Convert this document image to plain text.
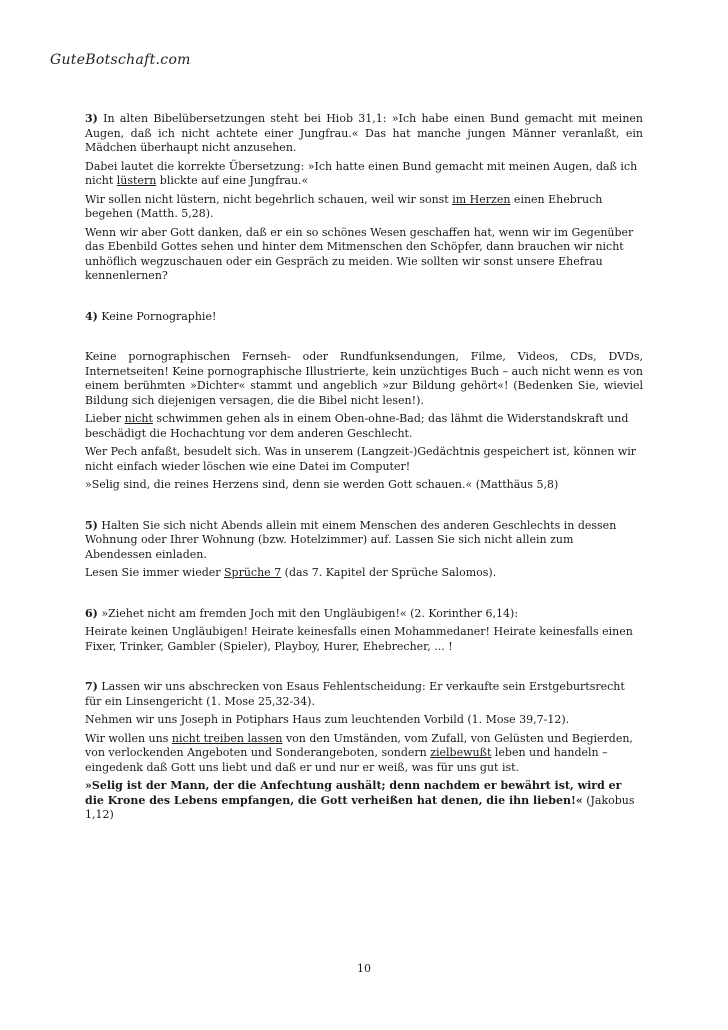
GuteBotschaft.com

3) In alten Bibelübersetzungen steht bei Hiob 31,1: »Ich habe einen Bund gemacht mit meinen Augen, daß ich nicht achtete einer Jungfrau.« Das hat manche jungen Männer veranlaßt, ein Mädchen überhaupt nicht anzusehen.

Dabei lautet die korrekte Übersetzung: »Ich hatte einen Bund gemacht mit meinen Augen, daß ich nicht lüstern blickte auf eine Jungfrau.«

Wir sollen nicht lüstern, nicht begehrlich schauen, weil wir sonst im Herzen einen Ehebruch begehen (Matth. 5,28).

Wenn wir aber Gott danken, daß er ein so schönes Wesen geschaffen hat, wenn wir im Gegenüber das Ebenbild Gottes sehen und hinter dem Mitmenschen den Schöpfer, dann brauchen wir nicht unhöflich wegzuschauen oder ein Gespräch zu meiden. Wie sollten wir sonst unsere Ehefrau kennenlernen?

4) Keine Pornographie!

Keine pornographischen Fernseh- oder Rundfunksendungen, Filme, Videos, CDs, DVDs, Internetseiten! Keine pornographische Illustrierte, kein unzüchtiges Buch – auch nicht wenn es von einem berühmten »Dichter« stammt und angeblich »zur Bildung gehört«! (Bedenken Sie, wieviel Bildung sich diejenigen versagen, die die Bibel nicht lesen!).

Lieber nicht schwimmen gehen als in einem Oben-ohne-Bad; das lähmt die Widerstandskraft und beschädigt die Hochachtung vor dem anderen Geschlecht.

Wer Pech anfaßt, besudelt sich. Was in unserem (Langzeit-)Gedächtnis gespeichert ist, können wir nicht einfach wieder löschen wie eine Datei im Computer!

»Selig sind, die reines Herzens sind, denn sie werden Gott schauen.« (Matthäus 5,8)

5) Halten Sie sich nicht Abends allein mit einem Menschen des anderen Geschlechts in dessen Wohnung oder Ihrer Wohnung (bzw. Hotelzimmer) auf. Lassen Sie sich nicht allein zum Abendessen einladen.

Lesen Sie immer wieder Sprüche 7 (das 7. Kapitel der Sprüche Salomos).

6) »Ziehet nicht am fremden Joch mit den Ungläubigen!« (2. Korinther 6,14):

Heirate keinen Ungläubigen! Heirate keinesfalls einen Mohammedaner! Heirate keinesfalls einen Fixer, Trinker, Gambler (Spieler), Playboy, Hurer, Ehebrecher, ... !

7) Lassen wir uns abschrecken von Esaus Fehlentscheidung: Er verkaufte sein Erstgeburtsrecht für ein Linsengericht (1. Mose 25,32-34).

Nehmen wir uns Joseph in Potiphars Haus zum leuchtenden Vorbild (1. Mose 39,7-12).

Wir wollen uns nicht treiben lassen von den Umständen, vom Zufall, von Gelüsten und Begierden, von verlockenden Angeboten und Sonderangeboten, sondern zielbewußt leben und handeln – eingedenk daß Gott uns liebt und daß er und nur er weiß, was für uns gut ist.

»Selig ist der Mann, der die Anfechtung aushält; denn nachdem er bewährt ist, wird er die Krone des Lebens empfangen, die Gott verheißen hat denen, die ihn lieben!« (Jakobus 1,12)

10
